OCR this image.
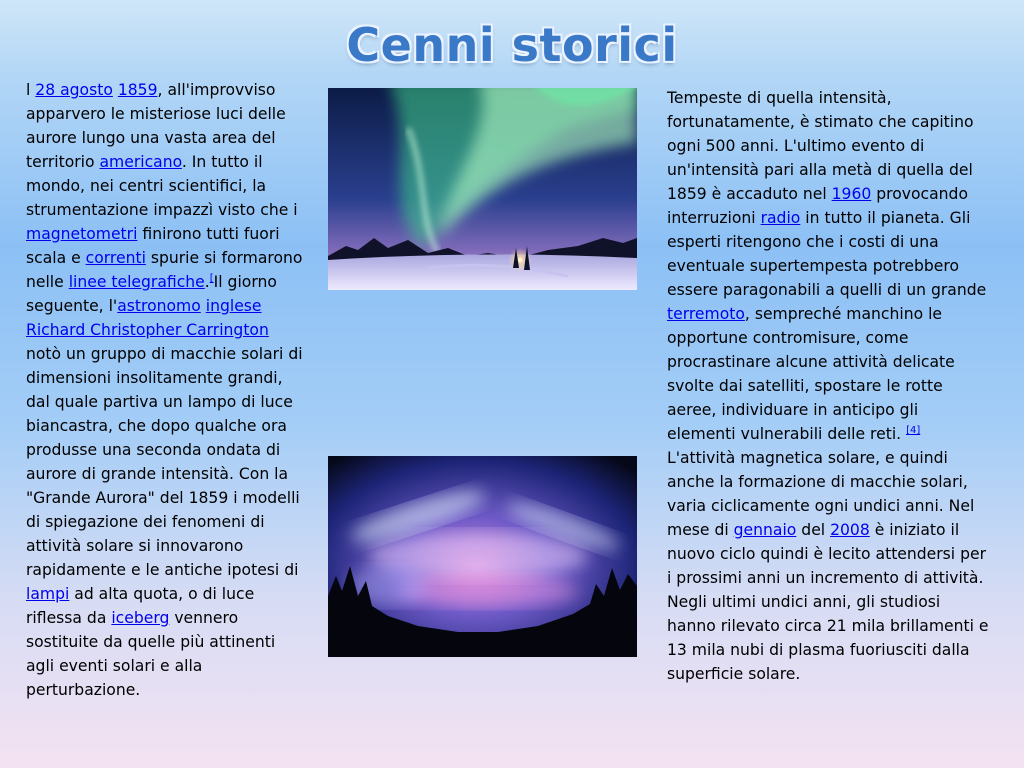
Cenni storici
l 28 agosto 1859, all'improvviso apparvero le misteriose luci delle aurore lungo una vasta area del territorio americano. In tutto il mondo, nei centri scientifici, la strumentazione impazzì visto che i magnetometri finirono tutti fuori scala e correnti spurie si formarono nelle linee telegrafiche.[Il giorno seguente, l'astronomo inglese Richard Christopher Carrington notò un gruppo di macchie solari di dimensioni insolitamente grandi, dal quale partiva un lampo di luce biancastra, che dopo qualche ora produsse una seconda ondata di aurore di grande intensità. Con la "Grande Aurora" del 1859 i modelli di spiegazione dei fenomeni di attività solare si innovarono rapidamente e le antiche ipotesi di lampi ad alta quota, o di luce riflessa da iceberg vennero sostituite da quelle più attinenti agli eventi solari e alla perturbazione.
Tempeste di quella intensità, fortunatamente, è stimato che capitino ogni 500 anni. L'ultimo evento di un'intensità pari alla metà di quella del 1859 è accaduto nel 1960 provocando interruzioni radio in tutto il pianeta. Gli esperti ritengono che i costi di una eventuale supertempesta potrebbero essere paragonabili a quelli di un grande terremoto, sempreché manchino le opportune contromisure, come procrastinare alcune attività delicate svolte dai satelliti, spostare le rotte aeree, individuare in anticipo gli elementi vulnerabili delle reti. [4] L'attività magnetica solare, e quindi anche la formazione di macchie solari, varia ciclicamente ogni undici anni. Nel mese di gennaio del 2008 è iniziato il nuovo ciclo quindi è lecito attendersi per i prossimi anni un incremento di attività. Negli ultimi undici anni, gli studiosi hanno rilevato circa 21 mila brillamenti e 13 mila nubi di plasma fuoriusciti dalla superficie solare.
